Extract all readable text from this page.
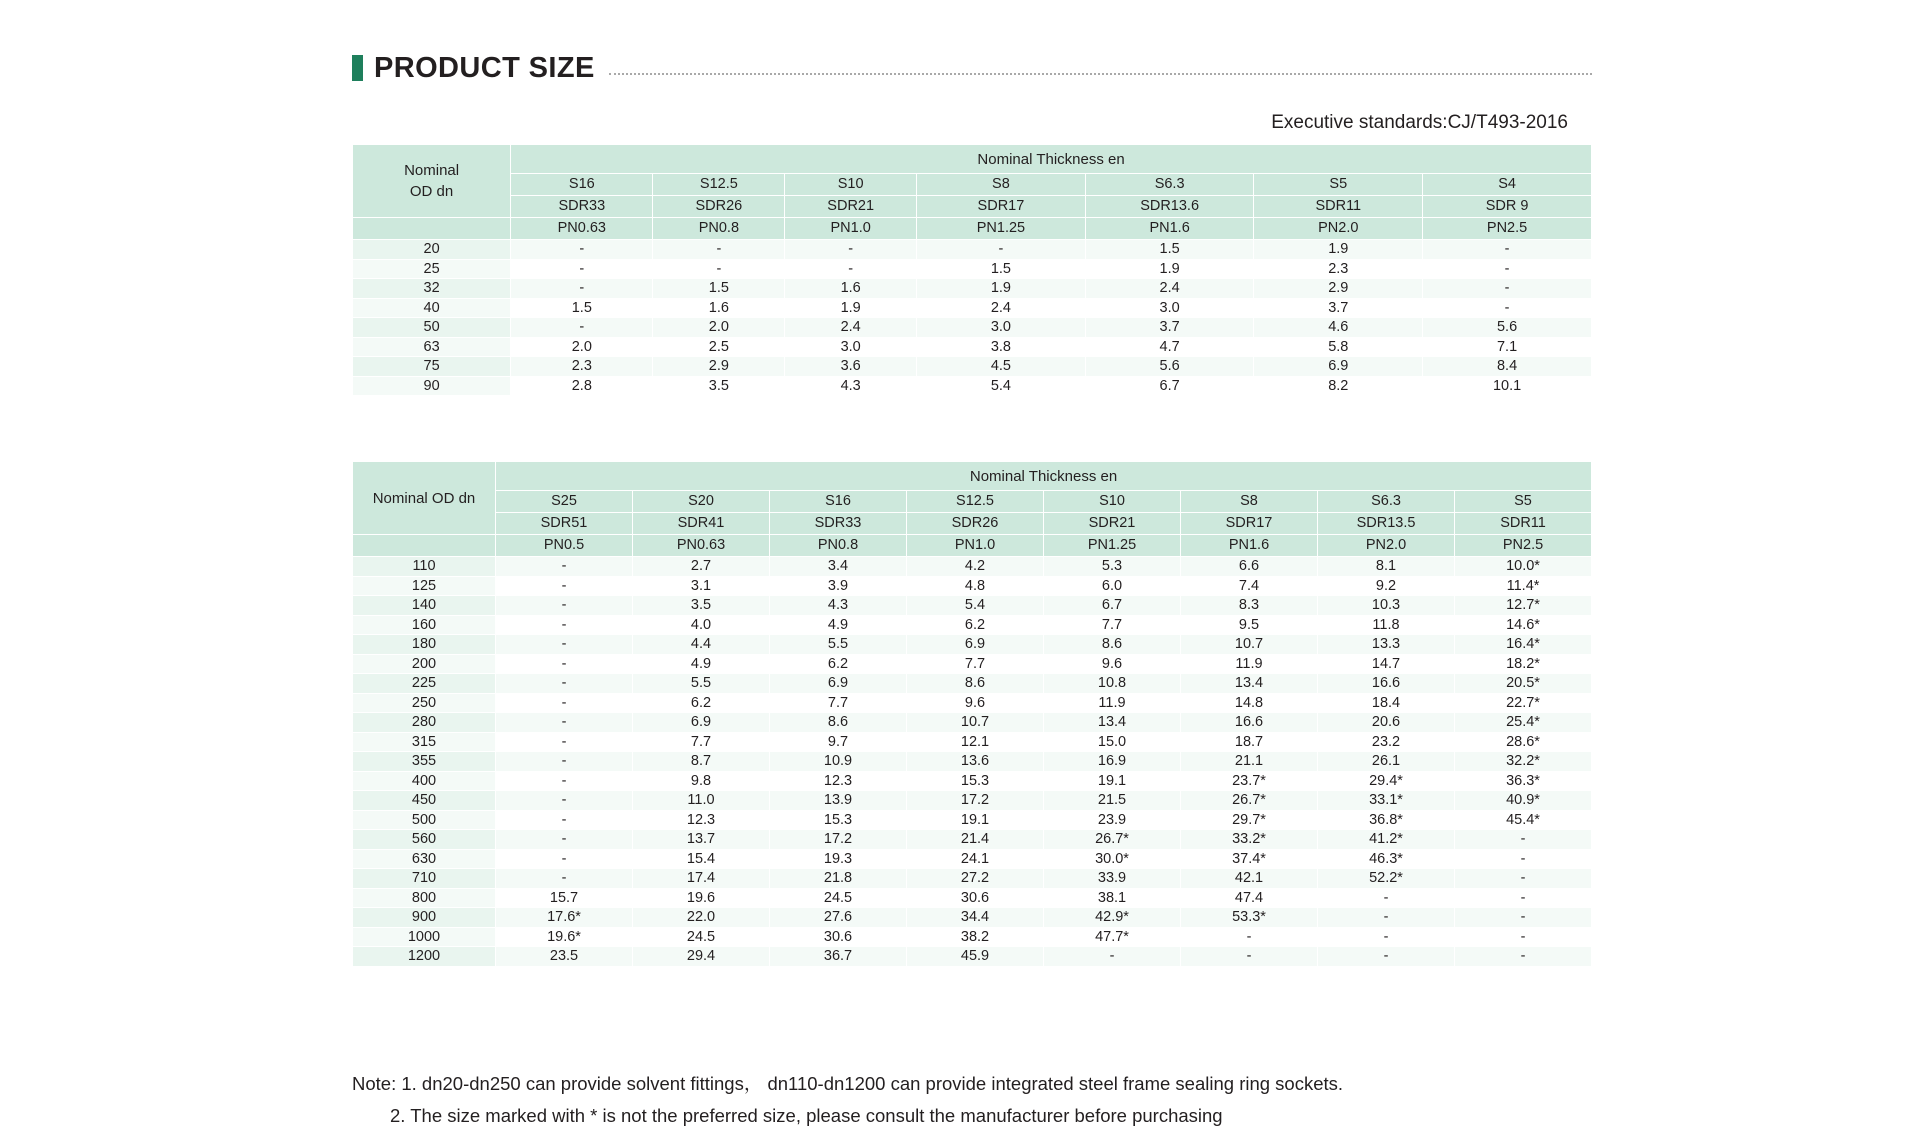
PRODUCT SIZE
Executive standards:CJ/T493-2016
Nominal
OD dn	Nominal Thickness en						
	S16	S12.5	S10	S8	S6.3	S5	S4
	SDR33	SDR26	SDR21	SDR17	SDR13.6	SDR11	SDR 9
	PN0.63	PN0.8	PN1.0	PN1.25	PN1.6	PN2.0	PN2.5
20	-	-	-	-	1.5	1.9	-
25	-	-	-	1.5	1.9	2.3	-
32	-	1.5	1.6	1.9	2.4	2.9	-
40	1.5	1.6	1.9	2.4	3.0	3.7	-
50	-	2.0	2.4	3.0	3.7	4.6	5.6
63	2.0	2.5	3.0	3.8	4.7	5.8	7.1
75	2.3	2.9	3.6	4.5	5.6	6.9	8.4
90	2.8	3.5	4.3	5.4	6.7	8.2	10.1
Nominal OD dn	Nominal Thickness en							
	S25	S20	S16	S12.5	S10	S8	S6.3	S5
	SDR51	SDR41	SDR33	SDR26	SDR21	SDR17	SDR13.5	SDR11
	PN0.5	PN0.63	PN0.8	PN1.0	PN1.25	PN1.6	PN2.0	PN2.5
110	-	2.7	3.4	4.2	5.3	6.6	8.1	10.0*
125	-	3.1	3.9	4.8	6.0	7.4	9.2	11.4*
140	-	3.5	4.3	5.4	6.7	8.3	10.3	12.7*
160	-	4.0	4.9	6.2	7.7	9.5	11.8	14.6*
180	-	4.4	5.5	6.9	8.6	10.7	13.3	16.4*
200	-	4.9	6.2	7.7	9.6	11.9	14.7	18.2*
225	-	5.5	6.9	8.6	10.8	13.4	16.6	20.5*
250	-	6.2	7.7	9.6	11.9	14.8	18.4	22.7*
280	-	6.9	8.6	10.7	13.4	16.6	20.6	25.4*
315	-	7.7	9.7	12.1	15.0	18.7	23.2	28.6*
355	-	8.7	10.9	13.6	16.9	21.1	26.1	32.2*
400	-	9.8	12.3	15.3	19.1	23.7*	29.4*	36.3*
450	-	11.0	13.9	17.2	21.5	26.7*	33.1*	40.9*
500	-	12.3	15.3	19.1	23.9	29.7*	36.8*	45.4*
560	-	13.7	17.2	21.4	26.7*	33.2*	41.2*	-
630	-	15.4	19.3	24.1	30.0*	37.4*	46.3*	-
710	-	17.4	21.8	27.2	33.9	42.1	52.2*	-
800	15.7	19.6	24.5	30.6	38.1	47.4	-	-
900	17.6*	22.0	27.6	34.4	42.9*	53.3*	-	-
1000	19.6*	24.5	30.6	38.2	47.7*	-	-	-
1200	23.5	29.4	36.7	45.9	-	-	-	-
Note: 1. dn20-dn250 can provide solvent fittings， dn110-dn1200 can provide integrated steel frame sealing ring sockets.
2. The size marked with * is not the preferred size, please consult the manufacturer before purchasing
